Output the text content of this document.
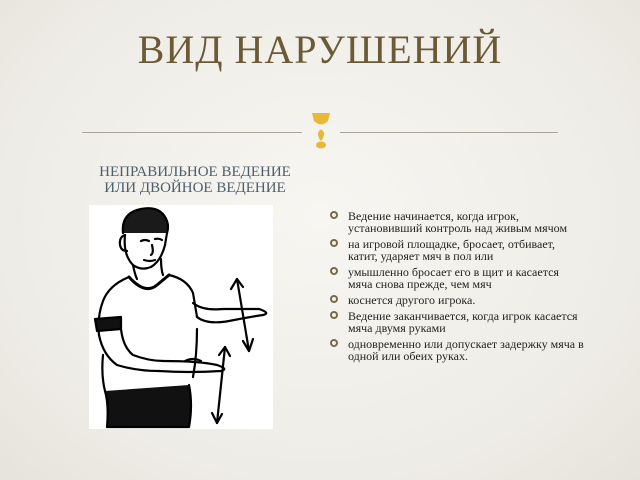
ВИД НАРУШЕНИЙ
НЕПРАВИЛЬНОЕ ВЕДЕНИЕ
ИЛИ ДВОЙНОЕ ВЕДЕНИЕ
Ведение начинается, когда игрок, установивший контроль над живым мячом
на игровой площадке, бросает, отбивает, катит, ударяет мяч в пол или
умышленно бросает его в щит и касается мяча снова прежде, чем мяч
коснется другого игрока.
Ведение заканчивается, когда игрок касается мяча двумя руками
одновременно или допускает задержку мяча в одной или обеих руках.
